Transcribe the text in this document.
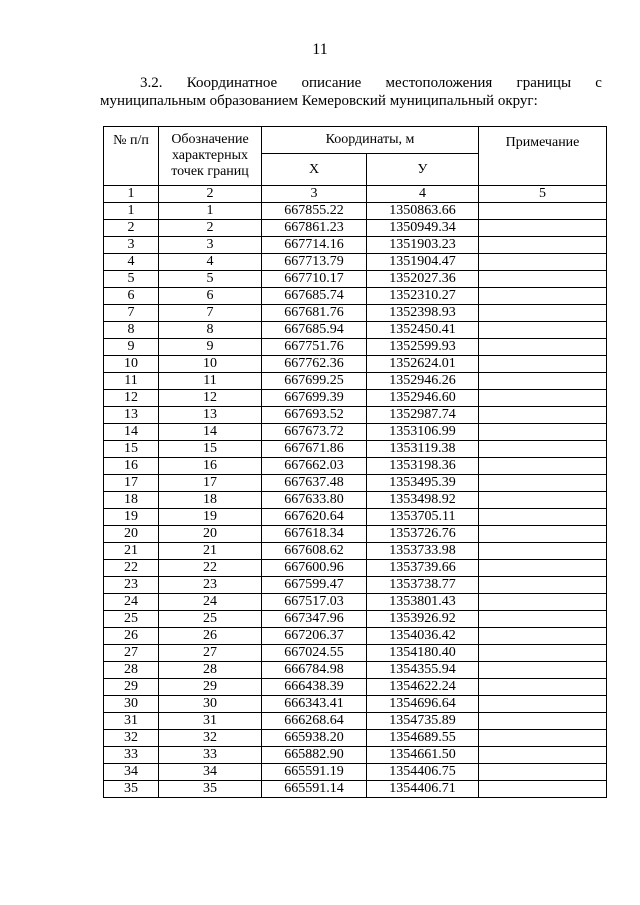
11
3.2. Координатное описание местоположения границы с
муниципальным образованием Кемеровский муниципальный округ:
№ п/п	Обозначение характерных точек границ	Координаты, м		Примечание
		Х	У	
1	2	3	4	5
1	1	667855.22	1350863.66	
2	2	667861.23	1350949.34	
3	3	667714.16	1351903.23	
4	4	667713.79	1351904.47	
5	5	667710.17	1352027.36	
6	6	667685.74	1352310.27	
7	7	667681.76	1352398.93	
8	8	667685.94	1352450.41	
9	9	667751.76	1352599.93	
10	10	667762.36	1352624.01	
11	11	667699.25	1352946.26	
12	12	667699.39	1352946.60	
13	13	667693.52	1352987.74	
14	14	667673.72	1353106.99	
15	15	667671.86	1353119.38	
16	16	667662.03	1353198.36	
17	17	667637.48	1353495.39	
18	18	667633.80	1353498.92	
19	19	667620.64	1353705.11	
20	20	667618.34	1353726.76	
21	21	667608.62	1353733.98	
22	22	667600.96	1353739.66	
23	23	667599.47	1353738.77	
24	24	667517.03	1353801.43	
25	25	667347.96	1353926.92	
26	26	667206.37	1354036.42	
27	27	667024.55	1354180.40	
28	28	666784.98	1354355.94	
29	29	666438.39	1354622.24	
30	30	666343.41	1354696.64	
31	31	666268.64	1354735.89	
32	32	665938.20	1354689.55	
33	33	665882.90	1354661.50	
34	34	665591.19	1354406.75	
35	35	665591.14	1354406.71	
